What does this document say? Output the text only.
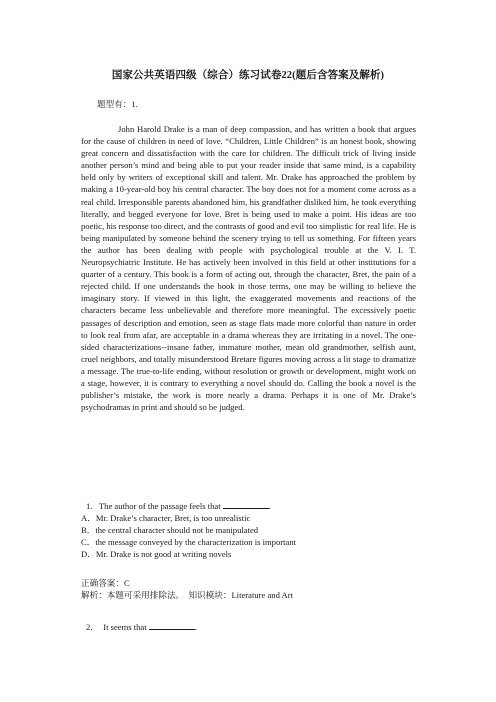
国家公共英语四级（综合）练习试卷22(题后含答案及解析)

题型有：1.

John Harold Drake is a man of deep compassion, and has written a book that argues for the cause of children in need of love. “Children, Little Children” is an honest book, showing great concern and dissatisfaction with the care for children. The difficult trick of living inside another person’s mind and being able to put your reader inside that same mind, is a capability held only by writers of exceptional skill and talent. Mr. Drake has approached the problem by making a 10-year-old boy his central character. The boy does not for a moment come across as a real child. Irresponsible parents abandoned him, his grandfather disliked him, he took everything literally, and begged everyone for love. Bret is being used to make a point. His ideas are too poetic, his response too direct, and the contrasts of good and evil too simplistic for real life. He is being manipulated by someone behind the scenery trying to tell us something. For fifteen years the author has been dealing with people with psychological trouble at the V. I. T. Neuropsychiatric Institute. He has actively been involved in this field at other institutions for a quarter of a century. This book is a form of acting out, through the character, Bret, the pain of a rejected child. If one understands the book in those terms, one may be willing to believe the imaginary story. If viewed in this light, the exaggerated movements and reactions of the characters became less unbelievable and therefore more meaningful. The excessively poetic passages of description and emotion, seen as stage flats made more colorful than nature in order to look real from afar, are acceptable in a drama whereas they are irritating in a novel. The one-sided characterizations--insane father, immature mother, mean old grandmother, selfish aunt, cruel neighbors, and totally misunderstood Bretare figures moving across a lit stage to dramatize a message. The true-to-life ending, without resolution or growth or development, might work on a stage, however, it is contrary to everything a novel should do. Calling the book a novel is the publisher’s mistake, the work is more nearly a drama. Perhaps it is one of Mr. Drake’s psychodramas in print and should so be judged.

1. The author of the passage feels that	.
A．Mr. Drake’s character, Bret, is too unrealistic
B．the central character should not be manipulated
C．the message conveyed by the characterization is important
D．Mr. Drake is not good at writing novels
正确答案：C
解析：本题可采用排除法。 知识模块：Literature and Art
2． It seems that	.
